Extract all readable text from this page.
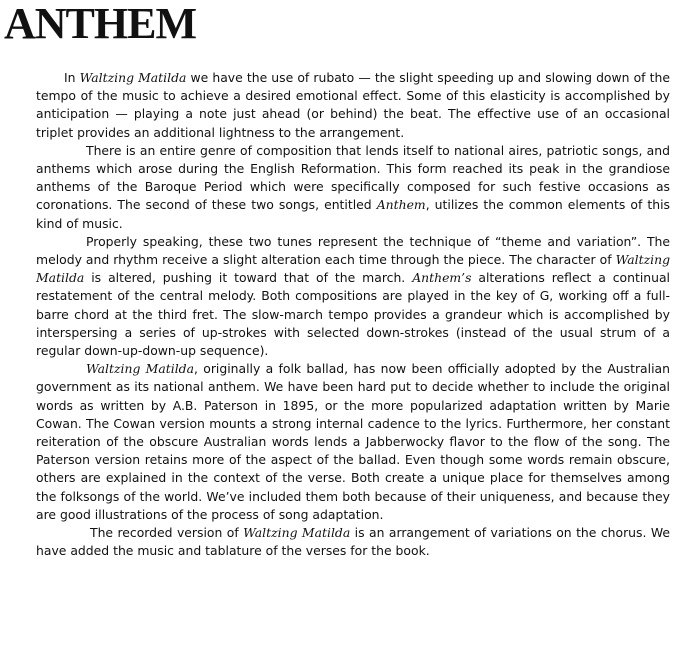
ANTHEM

In Waltzing Matilda we have the use of rubato — the slight speeding up and slowing down of the tempo of the music to achieve a desired emotional effect. Some of this elasticity is accomplished by anticipation — playing a note just ahead (or behind) the beat. The effective use of an occasional triplet provides an additional lightness to the arrangement.

There is an entire genre of composition that lends itself to national aires, patriotic songs, and anthems which arose during the English Reformation. This form reached its peak in the grandiose anthems of the Baroque Period which were specifically composed for such festive occasions as coronations. The second of these two songs, entitled Anthem, utilizes the common elements of this kind of music.

Properly speaking, these two tunes represent the technique of “theme and variation”. The melody and rhythm receive a slight alteration each time through the piece. The character of Waltzing Matilda is altered, pushing it toward that of the march. Anthem’s alterations reflect a continual restatement of the central melody. Both compositions are played in the key of G, working off a full-barre chord at the third fret. The slow-march tempo provides a grandeur which is accomplished by interspersing a series of up-strokes with selected down-strokes (instead of the usual strum of a regular down-up-down-up sequence).

Waltzing Matilda, originally a folk ballad, has now been officially adopted by the Australian government as its national anthem. We have been hard put to decide whether to include the original words as written by A.B. Paterson in 1895, or the more popularized adaptation written by Marie Cowan. The Cowan version mounts a strong internal cadence to the lyrics. Furthermore, her constant reiteration of the obscure Australian words lends a Jabberwocky flavor to the flow of the song. The Paterson version retains more of the aspect of the ballad. Even though some words remain obscure, others are explained in the context of the verse. Both create a unique place for themselves among the folksongs of the world. We’ve included them both because of their uniqueness, and because they are good illustrations of the process of song adaptation.

The recorded version of Waltzing Matilda is an arrangement of variations on the chorus. We have added the music and tablature of the verses for the book.
